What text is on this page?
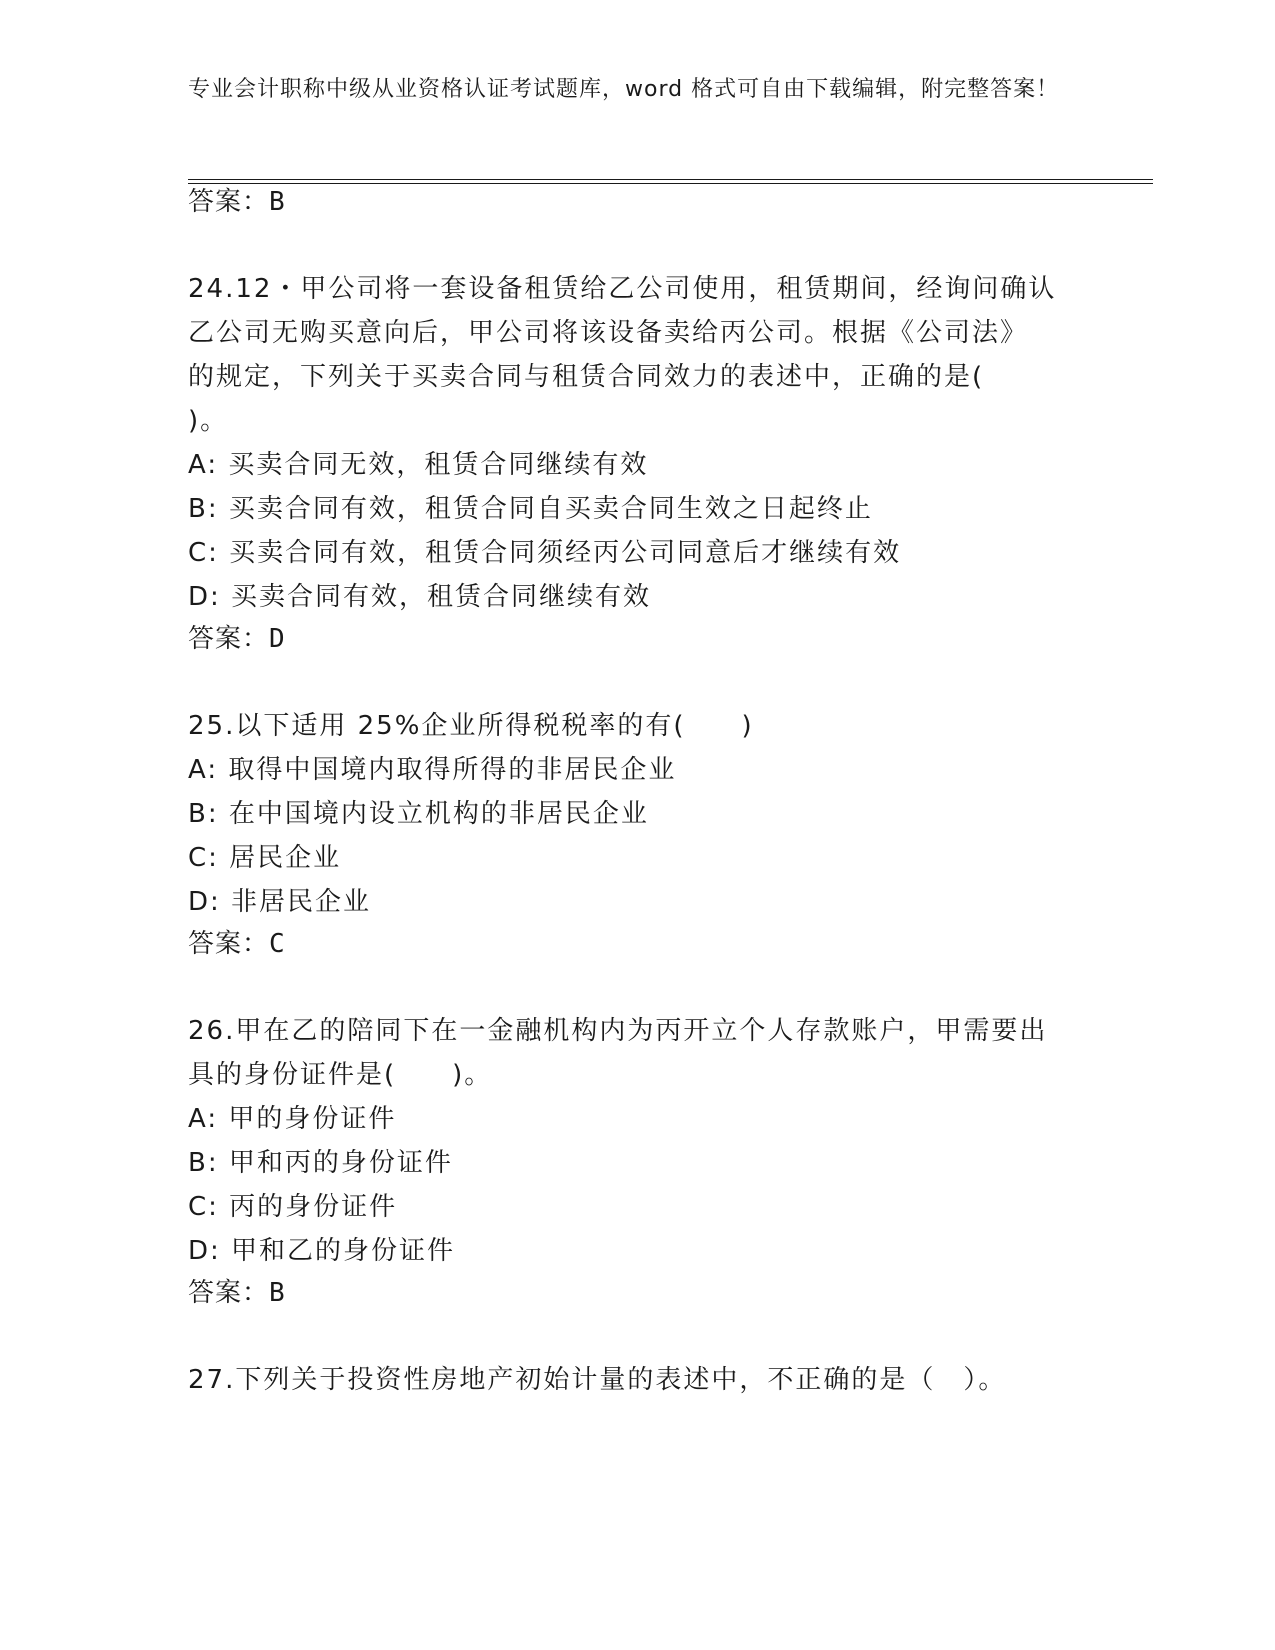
专业会计职称中级从业资格认证考试题库，word 格式可自由下载编辑，附完整答案！

答案：B

24.12・甲公司将一套设备租赁给乙公司使用，租赁期间，经询问确认

乙公司无购买意向后，甲公司将该设备卖给丙公司。根据《公司法》

的规定，下列关于买卖合同与租赁合同效力的表述中，正确的是(

)。

A: 买卖合同无效，租赁合同继续有效

B: 买卖合同有效，租赁合同自买卖合同生效之日起终止

C: 买卖合同有效，租赁合同须经丙公司同意后才继续有效

D: 买卖合同有效，租赁合同继续有效

答案：D

25.以下适用 25%企业所得税税率的有(　　)

A: 取得中国境内取得所得的非居民企业

B: 在中国境内设立机构的非居民企业

C: 居民企业

D: 非居民企业

答案：C

26.甲在乙的陪同下在一金融机构内为丙开立个人存款账户，甲需要出

具的身份证件是(　　)。

A: 甲的身份证件

B: 甲和丙的身份证件

C: 丙的身份证件

D: 甲和乙的身份证件

答案：B

27.下列关于投资性房地产初始计量的表述中，不正确的是（　）。
